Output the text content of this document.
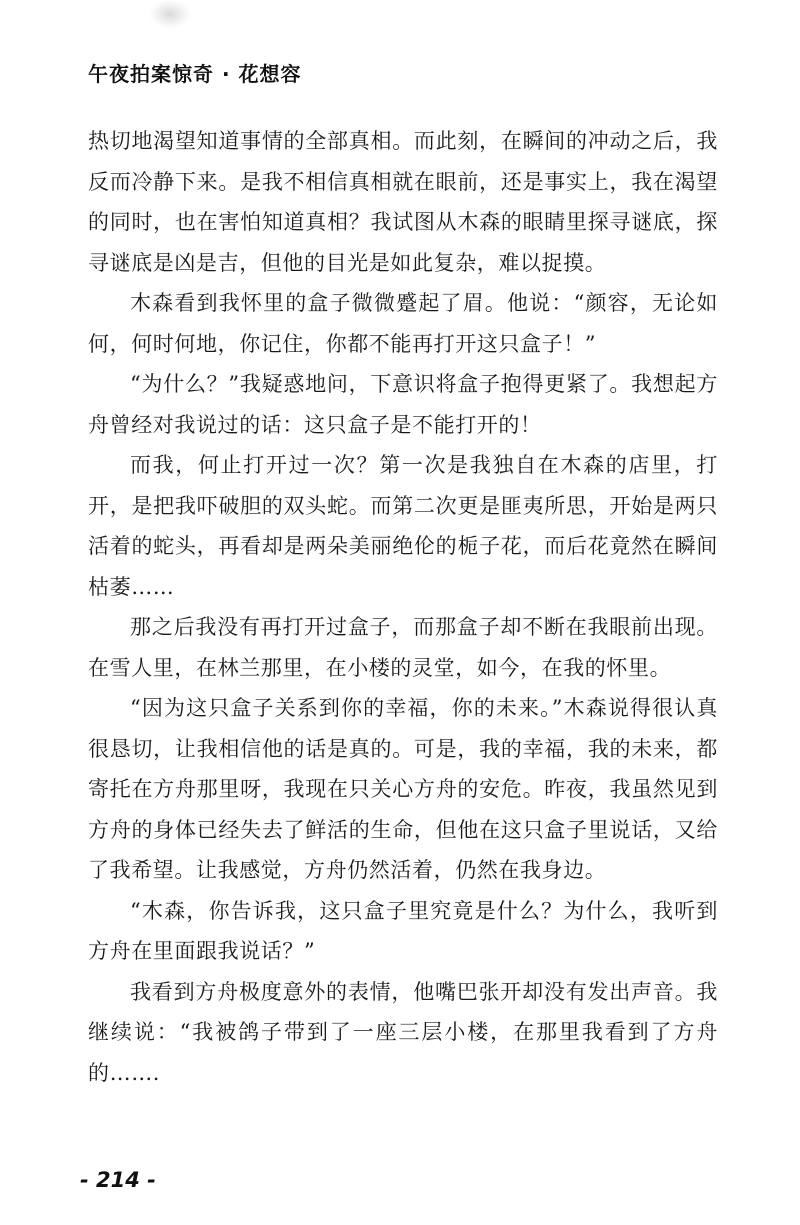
午夜拍案惊奇 · 花想容

热切地渴望知道事情的全部真相。而此刻，在瞬间的冲动之后，我反而冷静下来。是我不相信真相就在眼前，还是事实上，我在渴望的同时，也在害怕知道真相？我试图从木森的眼睛里探寻谜底，探寻谜底是凶是吉，但他的目光是如此复杂，难以捉摸。

木森看到我怀里的盒子微微蹙起了眉。他说：“颜容，无论如何，何时何地，你记住，你都不能再打开这只盒子！”

“为什么？”我疑惑地问，下意识将盒子抱得更紧了。我想起方舟曾经对我说过的话：这只盒子是不能打开的！

而我，何止打开过一次？第一次是我独自在木森的店里，打开，是把我吓破胆的双头蛇。而第二次更是匪夷所思，开始是两只活着的蛇头，再看却是两朵美丽绝伦的栀子花，而后花竟然在瞬间枯萎……

那之后我没有再打开过盒子，而那盒子却不断在我眼前出现。在雪人里，在林兰那里，在小楼的灵堂，如今，在我的怀里。

“因为这只盒子关系到你的幸福，你的未来。”木森说得很认真很恳切，让我相信他的话是真的。可是，我的幸福，我的未来，都寄托在方舟那里呀，我现在只关心方舟的安危。昨夜，我虽然见到方舟的身体已经失去了鲜活的生命，但他在这只盒子里说话，又给了我希望。让我感觉，方舟仍然活着，仍然在我身边。

“木森，你告诉我，这只盒子里究竟是什么？为什么，我听到方舟在里面跟我说话？”

我看到方舟极度意外的表情，他嘴巴张开却没有发出声音。我继续说：“我被鸽子带到了一座三层小楼，在那里我看到了方舟的…….

- 214 -
